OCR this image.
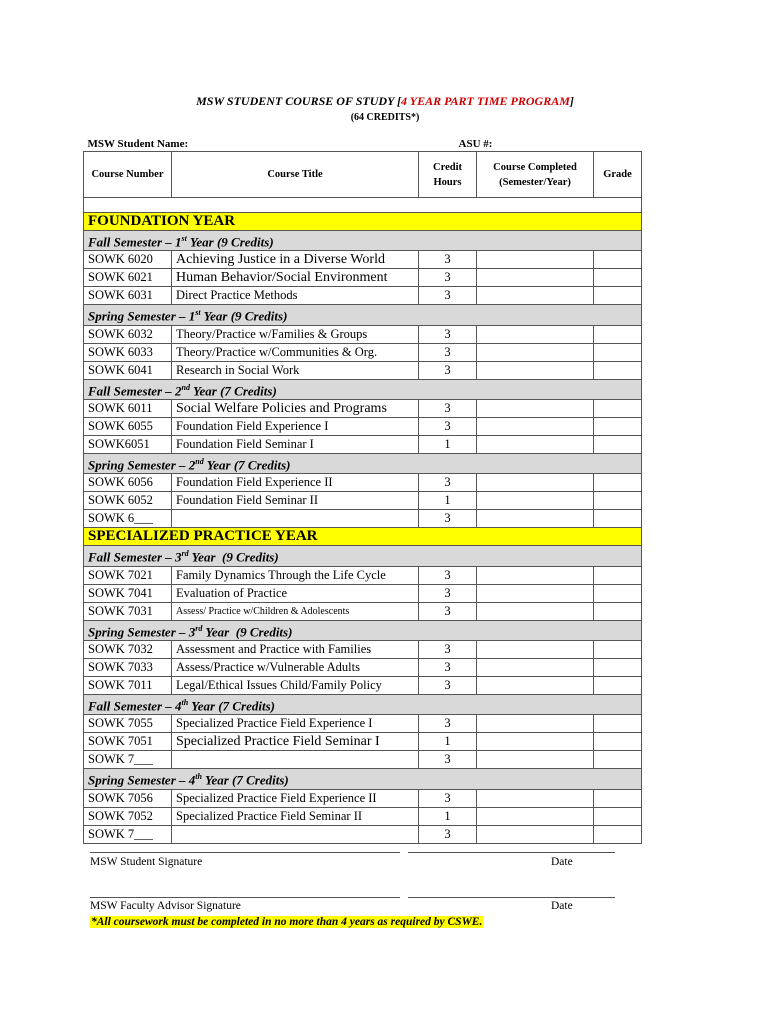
MSW STUDENT COURSE OF STUDY [4 YEAR PART TIME PROGRAM]
(64 CREDITS*)
MSW Student Name:		ASU #:		
Course Number	Course Title	Credit Hours	Course Completed (Semester/Year)	Grade

FOUNDATION YEAR				
Fall Semester – 1st Year (9 Credits)				
SOWK 6020	Achieving Justice in a Diverse World	3		
SOWK 6021	Human Behavior/Social Environment	3		
SOWK 6031	Direct Practice Methods	3		
Spring Semester – 1st Year (9 Credits)				
SOWK 6032	Theory/Practice w/Families & Groups	3		
SOWK 6033	Theory/Practice w/Communities & Org.	3		
SOWK 6041	Research in Social Work	3		
Fall Semester – 2nd Year (7 Credits)				
SOWK 6011	Social Welfare Policies and Programs	3		
SOWK 6055	Foundation Field Experience I	3		
SOWK6051	Foundation Field Seminar I	1		
Spring Semester – 2nd Year (7 Credits)				
SOWK 6056	Foundation Field Experience II	3		
SOWK 6052	Foundation Field Seminar II	1		
SOWK 6___		3		
SPECIALIZED PRACTICE YEAR				
Fall Semester – 3rd Year  (9 Credits)				
SOWK 7021	Family Dynamics Through the Life Cycle	3		
SOWK 7041	Evaluation of Practice	3		
SOWK 7031	Assess/ Practice w/Children & Adolescents	3		
Spring Semester – 3rd Year  (9 Credits)				
SOWK 7032	Assessment and Practice with Families	3		
SOWK 7033	Assess/Practice w/Vulnerable Adults	3		
SOWK 7011	Legal/Ethical Issues Child/Family Policy	3		
Fall Semester – 4th Year (7 Credits)				
SOWK 7055	Specialized Practice Field Experience I	3		
SOWK 7051	Specialized Practice Field Seminar I	1		
SOWK 7___		3		
Spring Semester – 4th Year (7 Credits)				
SOWK 7056	Specialized Practice Field Experience II	3		
SOWK 7052	Specialized Practice Field Seminar II	1		
SOWK 7___		3		
MSW Student Signature	Date
MSW Faculty Advisor Signature	Date
*All coursework must be completed in no more than 4 years as required by CSWE.
